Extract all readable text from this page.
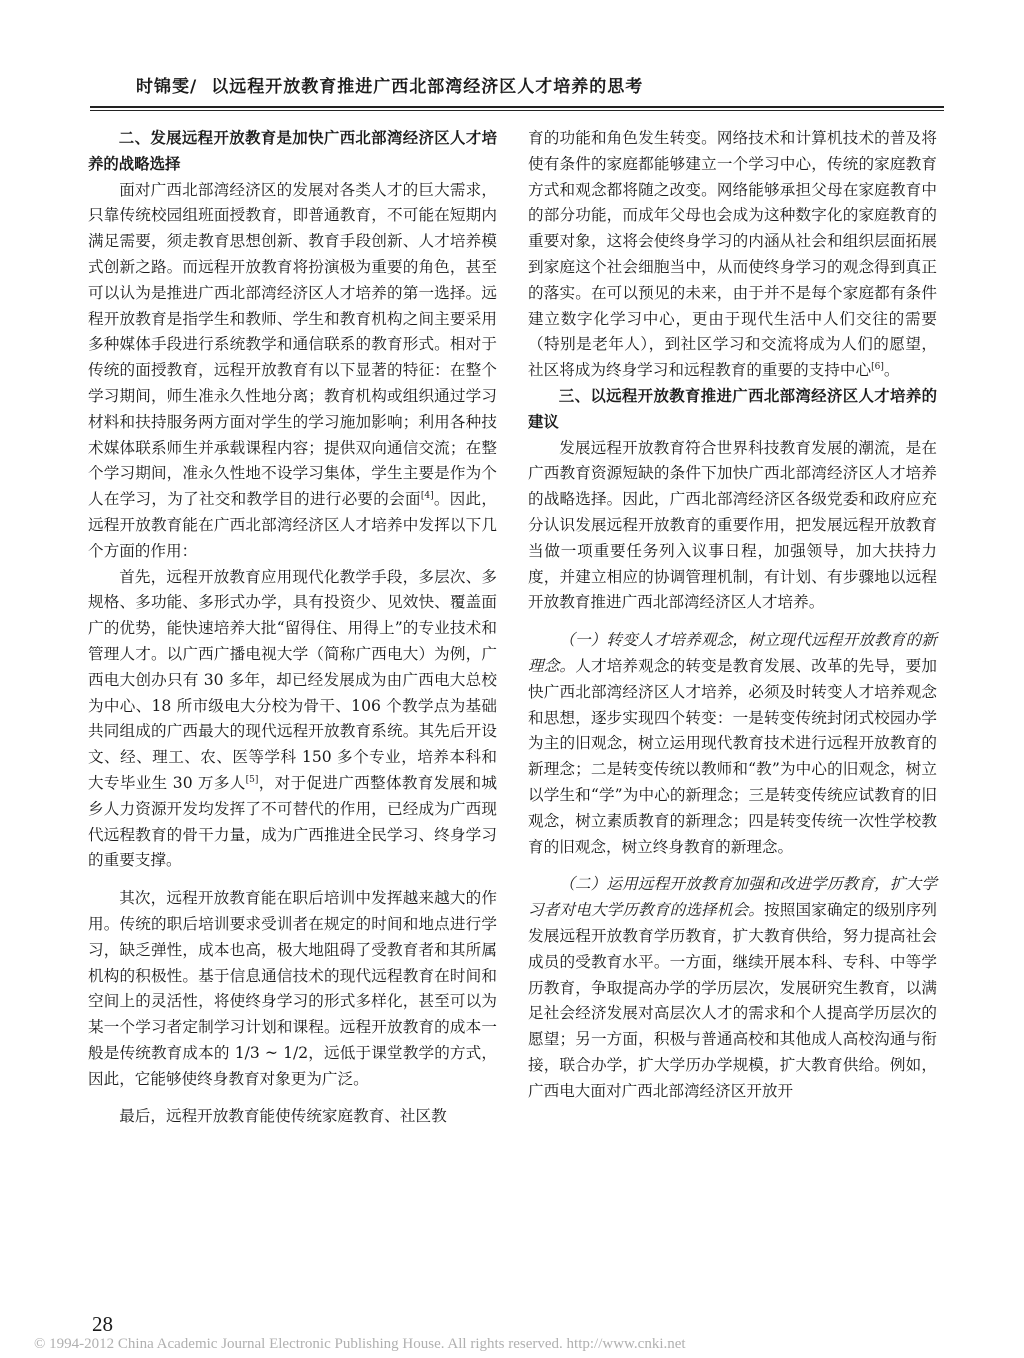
时锦雯/ 以远程开放教育推进广西北部湾经济区人才培养的思考

二、发展远程开放教育是加快广西北部湾经济区人才培养的战略选择

面对广西北部湾经济区的发展对各类人才的巨大需求，只靠传统校园组班面授教育，即普通教育，不可能在短期内满足需要，须走教育思想创新、教育手段创新、人才培养模式创新之路。而远程开放教育将扮演极为重要的角色，甚至可以认为是推进广西北部湾经济区人才培养的第一选择。远程开放教育是指学生和教师、学生和教育机构之间主要采用多种媒体手段进行系统教学和通信联系的教育形式。相对于传统的面授教育，远程开放教育有以下显著的特征：在整个学习期间，师生准永久性地分离；教育机构或组织通过学习材料和扶持服务两方面对学生的学习施加影响；利用各种技术媒体联系师生并承载课程内容；提供双向通信交流；在整个学习期间，准永久性地不设学习集体，学生主要是作为个人在学习，为了社交和教学目的进行必要的会面[4]。因此，远程开放教育能在广西北部湾经济区人才培养中发挥以下几个方面的作用：

首先，远程开放教育应用现代化教学手段，多层次、多规格、多功能、多形式办学，具有投资少、见效快、覆盖面广的优势，能快速培养大批“留得住、用得上”的专业技术和管理人才。以广西广播电视大学（简称广西电大）为例，广西电大创办只有 30 多年，却已经发展成为由广西电大总校为中心、18 所市级电大分校为骨干、106 个教学点为基础共同组成的广西最大的现代远程开放教育系统。其先后开设文、经、理工、农、医等学科 150 多个专业，培养本科和大专毕业生 30 万多人[5]，对于促进广西整体教育发展和城乡人力资源开发均发挥了不可替代的作用，已经成为广西现代远程教育的骨干力量，成为广西推进全民学习、终身学习的重要支撑。

其次，远程开放教育能在职后培训中发挥越来越大的作用。传统的职后培训要求受训者在规定的时间和地点进行学习，缺乏弹性，成本也高，极大地阻碍了受教育者和其所属机构的积极性。基于信息通信技术的现代远程教育在时间和空间上的灵活性，将使终身学习的形式多样化，甚至可以为某一个学习者定制学习计划和课程。远程开放教育的成本一般是传统教育成本的 1/3 ~ 1/2，远低于课堂教学的方式，因此，它能够使终身教育对象更为广泛。

最后，远程开放教育能使传统家庭教育、社区教

育的功能和角色发生转变。网络技术和计算机技术的普及将使有条件的家庭都能够建立一个学习中心，传统的家庭教育方式和观念都将随之改变。网络能够承担父母在家庭教育中的部分功能，而成年父母也会成为这种数字化的家庭教育的重要对象，这将会使终身学习的内涵从社会和组织层面拓展到家庭这个社会细胞当中，从而使终身学习的观念得到真正的落实。在可以预见的未来，由于并不是每个家庭都有条件建立数字化学习中心，更由于现代生活中人们交往的需要（特别是老年人），到社区学习和交流将成为人们的愿望，社区将成为终身学习和远程教育的重要的支持中心[6]。

三、以远程开放教育推进广西北部湾经济区人才培养的建议

发展远程开放教育符合世界科技教育发展的潮流，是在广西教育资源短缺的条件下加快广西北部湾经济区人才培养的战略选择。因此，广西北部湾经济区各级党委和政府应充分认识发展远程开放教育的重要作用，把发展远程开放教育当做一项重要任务列入议事日程，加强领导，加大扶持力度，并建立相应的协调管理机制，有计划、有步骤地以远程开放教育推进广西北部湾经济区人才培养。

（一）转变人才培养观念，树立现代远程开放教育的新理念。人才培养观念的转变是教育发展、改革的先导，要加快广西北部湾经济区人才培养，必须及时转变人才培养观念和思想，逐步实现四个转变：一是转变传统封闭式校园办学为主的旧观念，树立运用现代教育技术进行远程开放教育的新理念；二是转变传统以教师和“教”为中心的旧观念，树立以学生和“学”为中心的新理念；三是转变传统应试教育的旧观念，树立素质教育的新理念；四是转变传统一次性学校教育的旧观念，树立终身教育的新理念。

（二）运用远程开放教育加强和改进学历教育，扩大学习者对电大学历教育的选择机会。按照国家确定的级别序列发展远程开放教育学历教育，扩大教育供给，努力提高社会成员的受教育水平。一方面，继续开展本科、专科、中等学历教育，争取提高办学的学历层次，发展研究生教育，以满足社会经济发展对高层次人才的需求和个人提高学历层次的愿望；另一方面，积极与普通高校和其他成人高校沟通与衔接，联合办学，扩大学历办学规模，扩大教育供给。例如，广西电大面对广西北部湾经济区开放开

28
© 1994-2012 China Academic Journal Electronic Publishing House. All rights reserved. http://www.cnki.net
